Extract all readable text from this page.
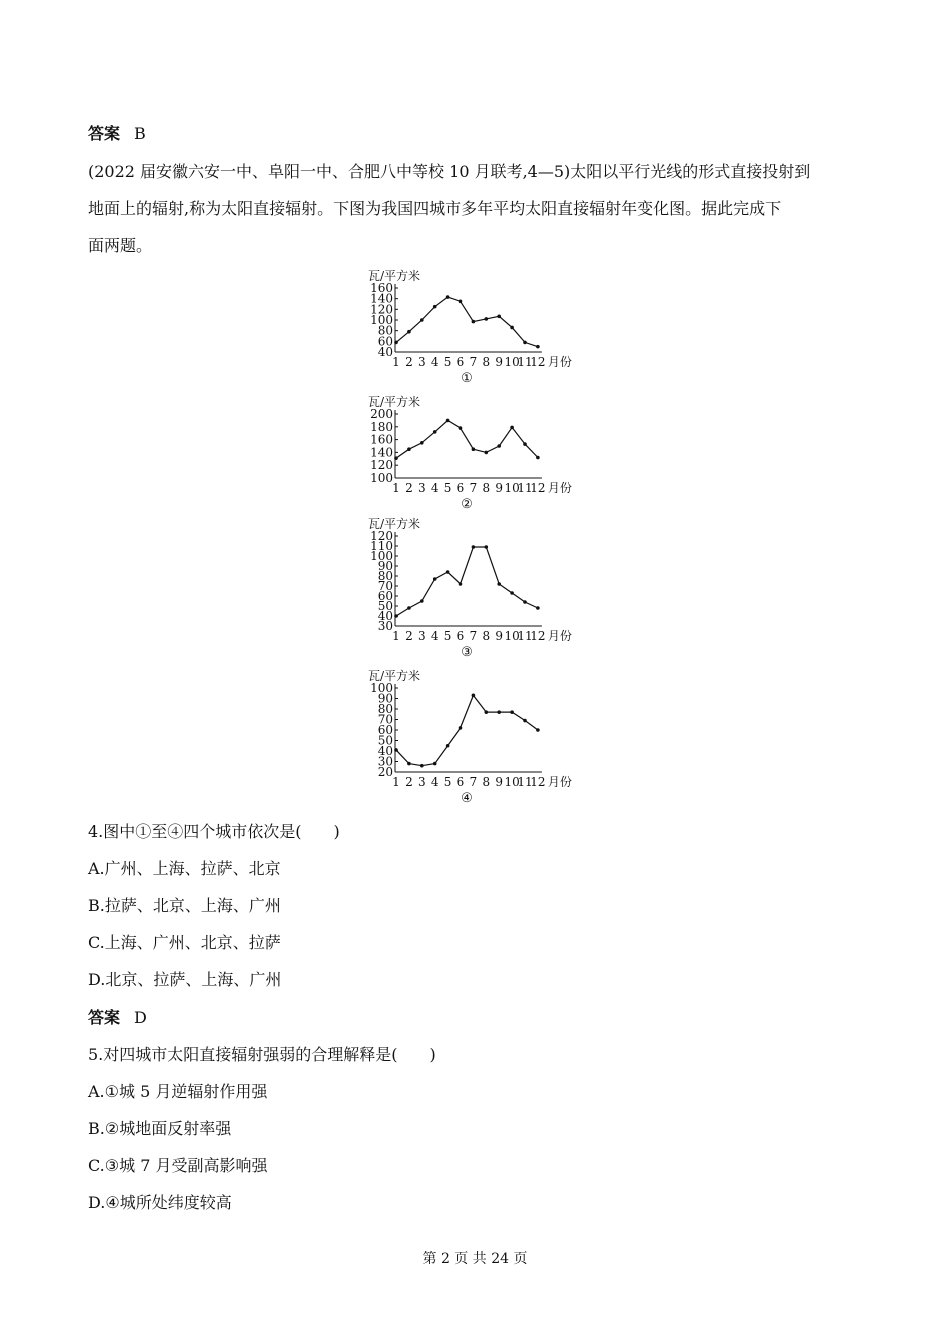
答案 B
(2022 届安徽六安一中、阜阳一中、合肥八中等校 10 月联考,4—5)太阳以平行光线的形式直接投射到
地面上的辐射,称为太阳直接辐射。下图为我国四城市多年平均太阳直接辐射年变化图。据此完成下
面两题。
瓦/平方米
40
60
80
100
120
140
160
1 2 3 4 5 6 7 8 9 10
11
12 月份
①
瓦/平方米
100
120
140
160
180
200
1 2 3 4 5 6 7 8 9 10
11
12 月份
②
瓦/平方米
30
40
50
60
70
80
90
100
110
120
1 2 3 4 5 6 7 8 9 10
11
12 月份
③
瓦/平方米
20
30
40
50
60
70
80
90
100
1 2 3 4 5 6 7 8 9 10
11
12 月份
④
4.图中①至④四个城市依次是(　　)
A.广州、上海、拉萨、北京
B.拉萨、北京、上海、广州
C.上海、广州、北京、拉萨
D.北京、拉萨、上海、广州
答案 D
5.对四城市太阳直接辐射强弱的合理解释是(　　)
A.①城 5 月逆辐射作用强
B.②城地面反射率强
C.③城 7 月受副高影响强
D.④城所处纬度较高
第 2 页 共 24 页
